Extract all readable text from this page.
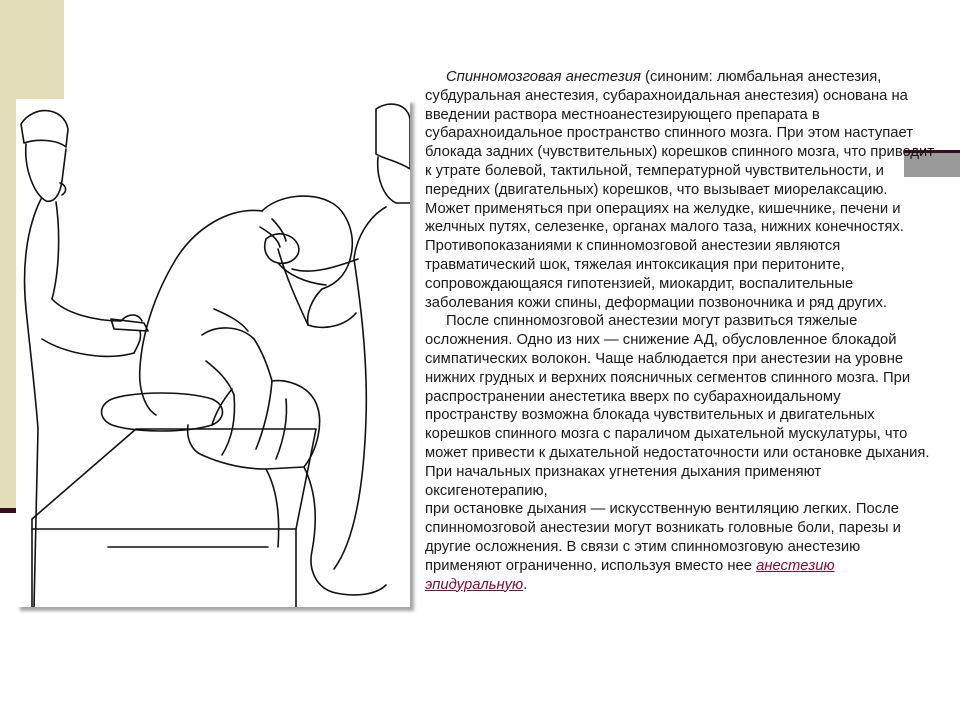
Спинномозговая анестезия (синоним: люмбальная анестезия, субдуральная анестезия, субарахноидальная анестезия) основана на введении раствора местноанестезирующего препарата в субарахноидальное пространство спинного мозга. При этом наступает блокада задних (чувствительных) корешков спинного мозга, что приводит к утрате болевой, тактильной, температурной чувствительности, и передних (двигательных) корешков, что вызывает миорелаксацию. Может применяться при операциях на желудке, кишечнике, печени и желчных путях, селезенке, органах малого таза, нижних конечностях. Противопоказаниями к спинномозговой анестезии являются травматический шок, тяжелая интоксикация при перитоните, сопровождающаяся гипотензией, миокардит, воспалительные заболевания кожи спины, деформации позвоночника и ряд других.

После спинномозговой анестезии могут развиться тяжелые осложнения. Одно из них — снижение АД, обусловленное блокадой симпатических волокон. Чаще наблюдается при анестезии на уровне нижних грудных и верхних поясничных сегментов спинного мозга. При распространении анестетика вверх по субарахноидальному пространству возможна блокада чувствительных и двигательных корешков спинного мозга с параличом дыхательной мускулатуры, что может привести к дыхательной недостаточности или остановке дыхания. При начальных признаках угнетения дыхания применяют оксигенотерапию,

при остановке дыхания — искусственную вентиляцию легких. После спинномозговой анестезии могут возникать головные боли, парезы и другие осложнения. В связи с этим спинномозговую анестезию применяют ограниченно, используя вместо нее анестезию эпидуральную.
